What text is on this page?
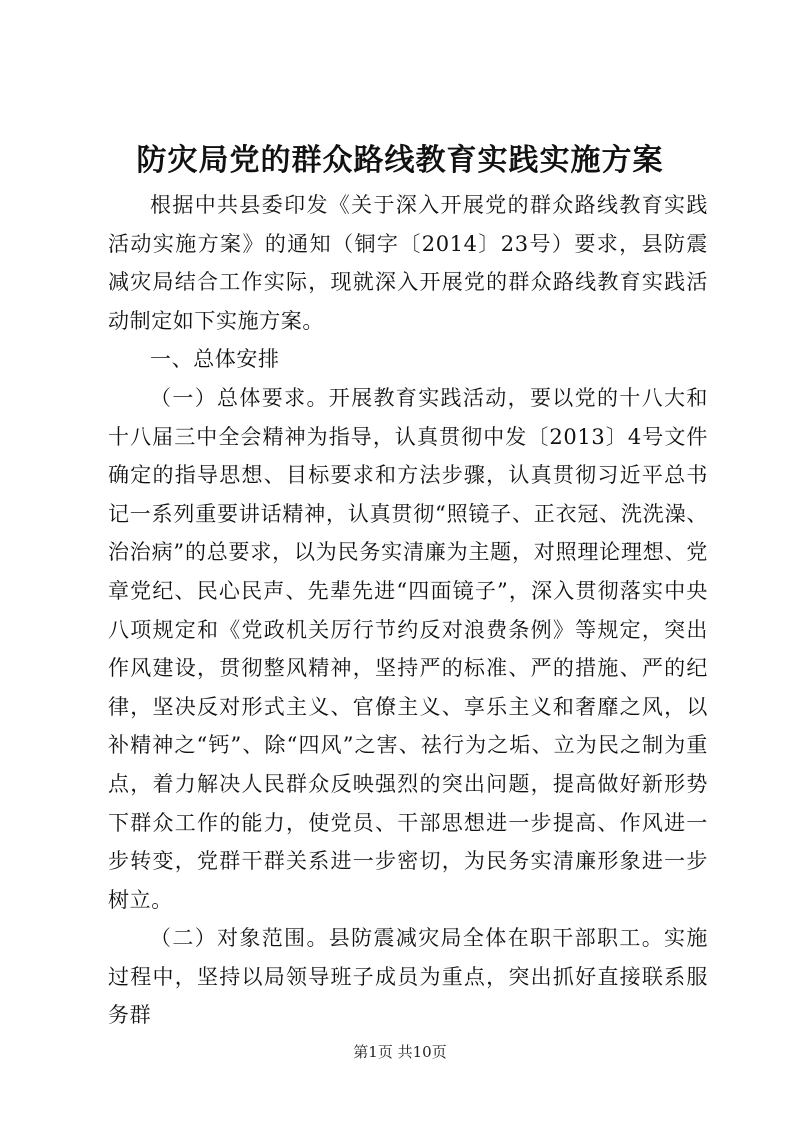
防灾局党的群众路线教育实践实施方案

根据中共县委印发《关于深入开展党的群众路线教育实践活动实施方案》的通知（铜字〔2014〕23号）要求，县防震减灾局结合工作实际，现就深入开展党的群众路线教育实践活动制定如下实施方案。

一、总体安排

（一）总体要求。开展教育实践活动，要以党的十八大和十八届三中全会精神为指导，认真贯彻中发〔2013〕4号文件确定的指导思想、目标要求和方法步骤，认真贯彻习近平总书记一系列重要讲话精神，认真贯彻“照镜子、正衣冠、洗洗澡、治治病”的总要求，以为民务实清廉为主题，对照理论理想、党章党纪、民心民声、先辈先进“四面镜子”，深入贯彻落实中央八项规定和《党政机关厉行节约反对浪费条例》等规定，突出作风建设，贯彻整风精神，坚持严的标准、严的措施、严的纪律，坚决反对形式主义、官僚主义、享乐主义和奢靡之风，以补精神之“钙”、除“四风”之害、祛行为之垢、立为民之制为重点，着力解决人民群众反映强烈的突出问题，提高做好新形势下群众工作的能力，使党员、干部思想进一步提高、作风进一步转变，党群干群关系进一步密切，为民务实清廉形象进一步树立。

（二）对象范围。县防震减灾局全体在职干部职工。实施过程中，坚持以局领导班子成员为重点，突出抓好直接联系服务群

第1页 共10页
